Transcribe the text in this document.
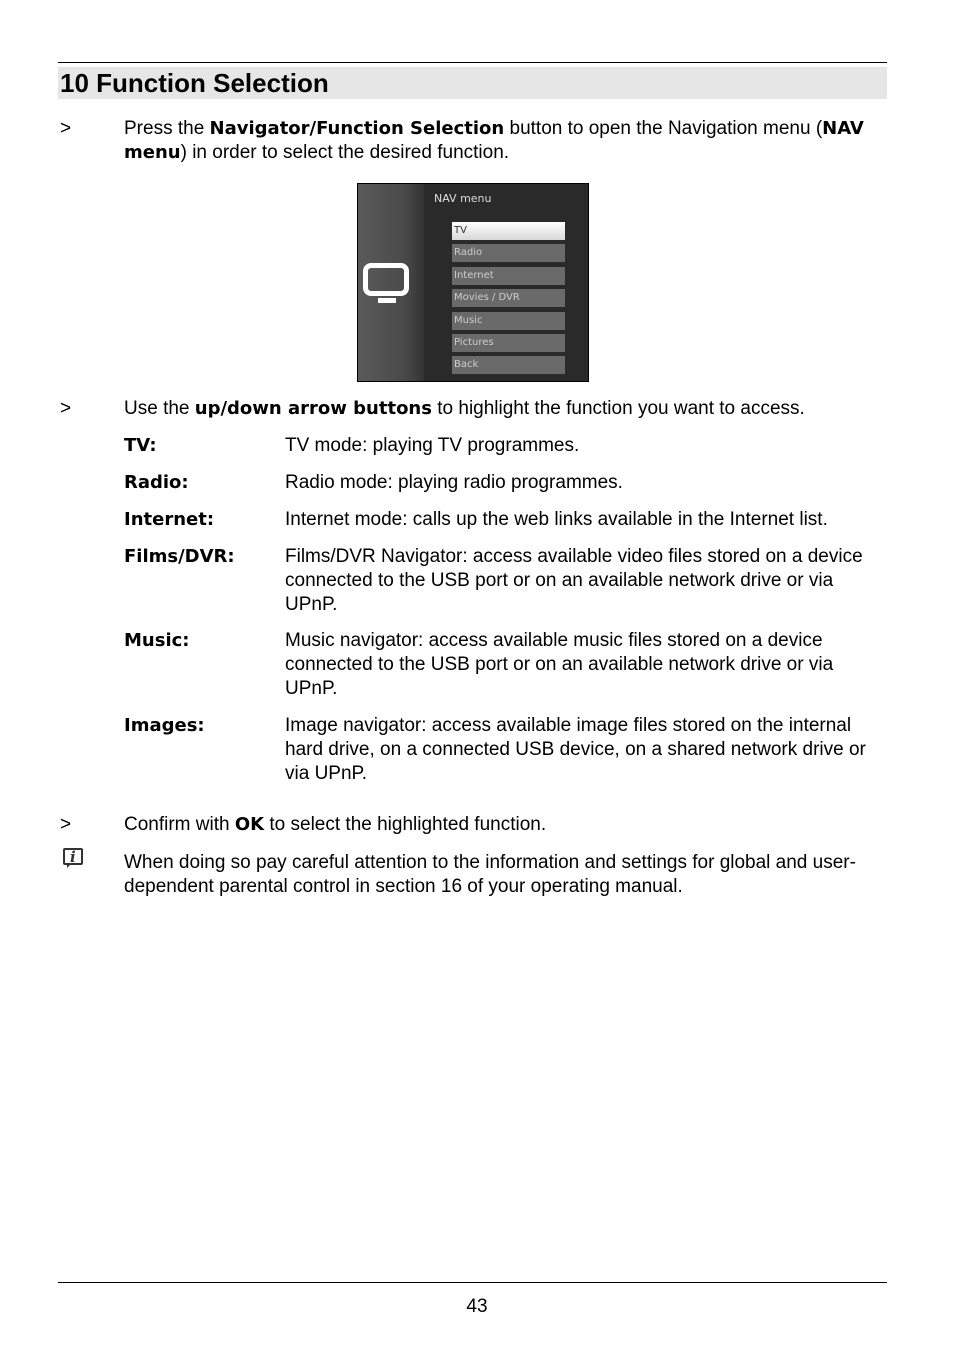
10 Function Selection
>	Press the Navigator/Function Selection button to open the Navigation menu (NAV menu) in order to select the desired function.
NAV menu
TV
Radio
Internet
Movies / DVR
Music
Pictures
Back
>	Use the up/down arrow buttons to highlight the function you want to access.
TV:	TV mode: playing TV programmes.
Radio:	Radio mode: playing radio programmes.
Internet:	Internet mode: calls up the web links available in the Internet list.
Films/DVR:	Films/DVR Navigator: access available video files stored on a device connected to the USB port or on an available network drive or via UPnP.
Music:	Music navigator: access available music files stored on a device connected to the USB port or on an available network drive or via UPnP.
Images:	Image navigator: access available image files stored on the internal hard drive, on a connected USB device, on a shared network drive or via UPnP.
>	Confirm with OK to select the highlighted function.
i
When doing so pay careful attention to the information and settings for global and user-dependent parental control in section 16 of your operating manual.
43
